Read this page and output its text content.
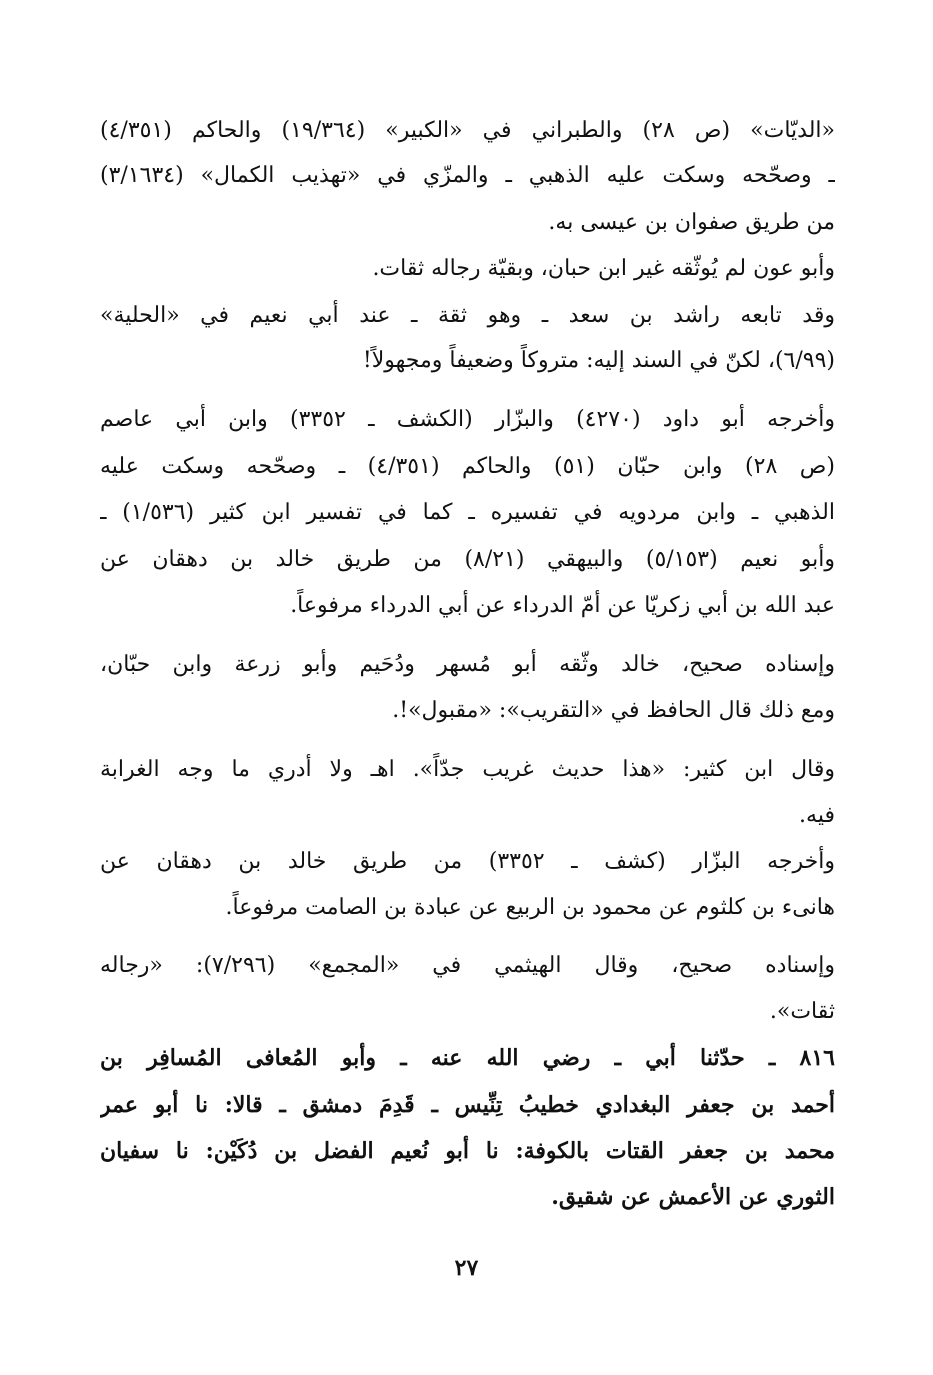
«الديّات» (ص ٢٨) والطبراني في «الكبير» (١٩/٣٦٤) والحاكم (٤/٣٥١)
ـ وصحّحه وسكت عليه الذهبي ـ والمزّي في «تهذيب الكمال» (٣/١٦٣٤)
من طريق صفوان بن عيسى به.
وأبو عون لم يُوثّقه غير ابن حبان، وبقيّة رجاله ثقات.
وقد تابعه راشد بن سعد ـ وهو ثقة ـ عند أبي نعيم في «الحلية»
(٦/٩٩)، لكنّ في السند إليه: متروكاً وضعيفاً ومجهولاً!
وأخرجه أبو داود (٤٢٧٠) والبزّار (الكشف ـ ٣٣٥٢) وابن أبي عاصم
(ص ٢٨) وابن حبّان (٥١) والحاكم (٤/٣٥١) ـ وصحّحه وسكت عليه
الذهبي ـ وابن مردويه في تفسيره ـ كما في تفسير ابن كثير (١/٥٣٦) ـ
وأبو نعيم (٥/١٥٣) والبيهقي (٨/٢١) من طريق خالد بن دهقان عن
عبد الله بن أبي زكريّا عن أمّ الدرداء عن أبي الدرداء مرفوعاً.
وإسناده صحيح، خالد وثّقه أبو مُسهر ودُحَيم وأبو زرعة وابن حبّان،
ومع ذلك قال الحافظ في «التقريب»: «مقبول»!.
وقال ابن كثير: «هذا حديث غريب جدّاً». اهـ ولا أدري ما وجه الغرابة
فيه.
وأخرجه البزّار (كشف ـ ٣٣٥٢) من طريق خالد بن دهقان عن
هانىء بن كلثوم عن محمود بن الربيع عن عبادة بن الصامت مرفوعاً.
وإسناده صحيح، وقال الهيثمي في «المجمع» (٧/٢٩٦): «رجاله
ثقات».
٨١٦ ـ حدّثنا أبي ـ رضي الله عنه ـ وأبو المُعافى المُسافِر بن
أحمد بن جعفر البغدادي خطيبُ تِنِّيس ـ قَدِمَ دمشق ـ قالا: نا أبو عمر
محمد بن جعفر القتات بالكوفة: نا أبو نُعيم الفضل بن دُكَيْن: نا سفيان
الثوري عن الأعمش عن شقيق.
٢٧
